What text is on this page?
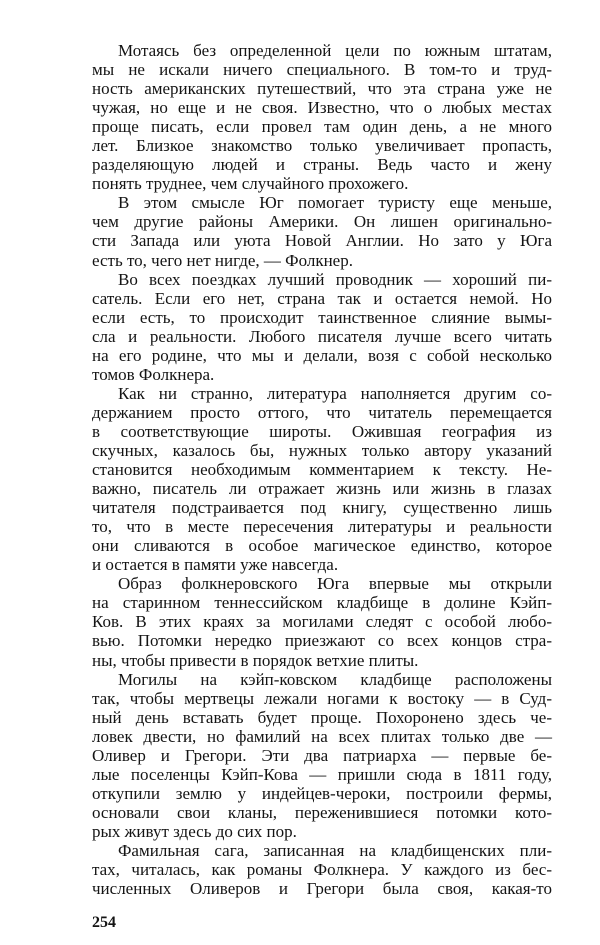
Мотаясь без определенной цели по южным штатам,
мы не искали ничего специального. В том-то и труд-
ность американских путешествий, что эта страна уже не
чужая, но еще и не своя. Известно, что о любых местах
проще писать, если провел там один день, а не много
лет. Близкое знакомство только увеличивает пропасть,
разделяющую людей и страны. Ведь часто и жену
понять труднее, чем случайного прохожего.
В этом смысле Юг помогает туристу еще меньше,
чем другие районы Америки. Он лишен оригинально-
сти Запада или уюта Новой Англии. Но зато у Юга
есть то, чего нет нигде, — Фолкнер.
Во всех поездках лучший проводник — хороший пи-
сатель. Если его нет, страна так и остается немой. Но
если есть, то происходит таинственное слияние вымы-
сла и реальности. Любого писателя лучше всего читать
на его родине, что мы и делали, возя с собой несколько
томов Фолкнера.
Как ни странно, литература наполняется другим со-
держанием просто оттого, что читатель перемещается
в соответствующие широты. Ожившая география из
скучных, казалось бы, нужных только автору указаний
становится необходимым комментарием к тексту. Не-
важно, писатель ли отражает жизнь или жизнь в глазах
читателя подстраивается под книгу, существенно лишь
то, что в месте пересечения литературы и реальности
они сливаются в особое магическое единство, которое
и остается в памяти уже навсегда.
Образ фолкнеровского Юга впервые мы открыли
на старинном теннессийском кладбище в долине Кэйп-
Ков. В этих краях за могилами следят с особой любо-
вью. Потомки нередко приезжают со всех концов стра-
ны, чтобы привести в порядок ветхие плиты.
Могилы на кэйп-ковском кладбище расположены
так, чтобы мертвецы лежали ногами к востоку — в Суд-
ный день вставать будет проще. Похоронено здесь че-
ловек двести, но фамилий на всех плитах только две —
Оливер и Грегори. Эти два патриарха — первые бе-
лые поселенцы Кэйп-Кова — пришли сюда в 1811 году,
откупили землю у индейцев-чероки, построили фермы,
основали свои кланы, переженившиеся потомки кото-
рых живут здесь до сих пор.
Фамильная сага, записанная на кладбищенских пли-
тах, читалась, как романы Фолкнера. У каждого из бес-
численных Оливеров и Грегори была своя, какая-то
254
